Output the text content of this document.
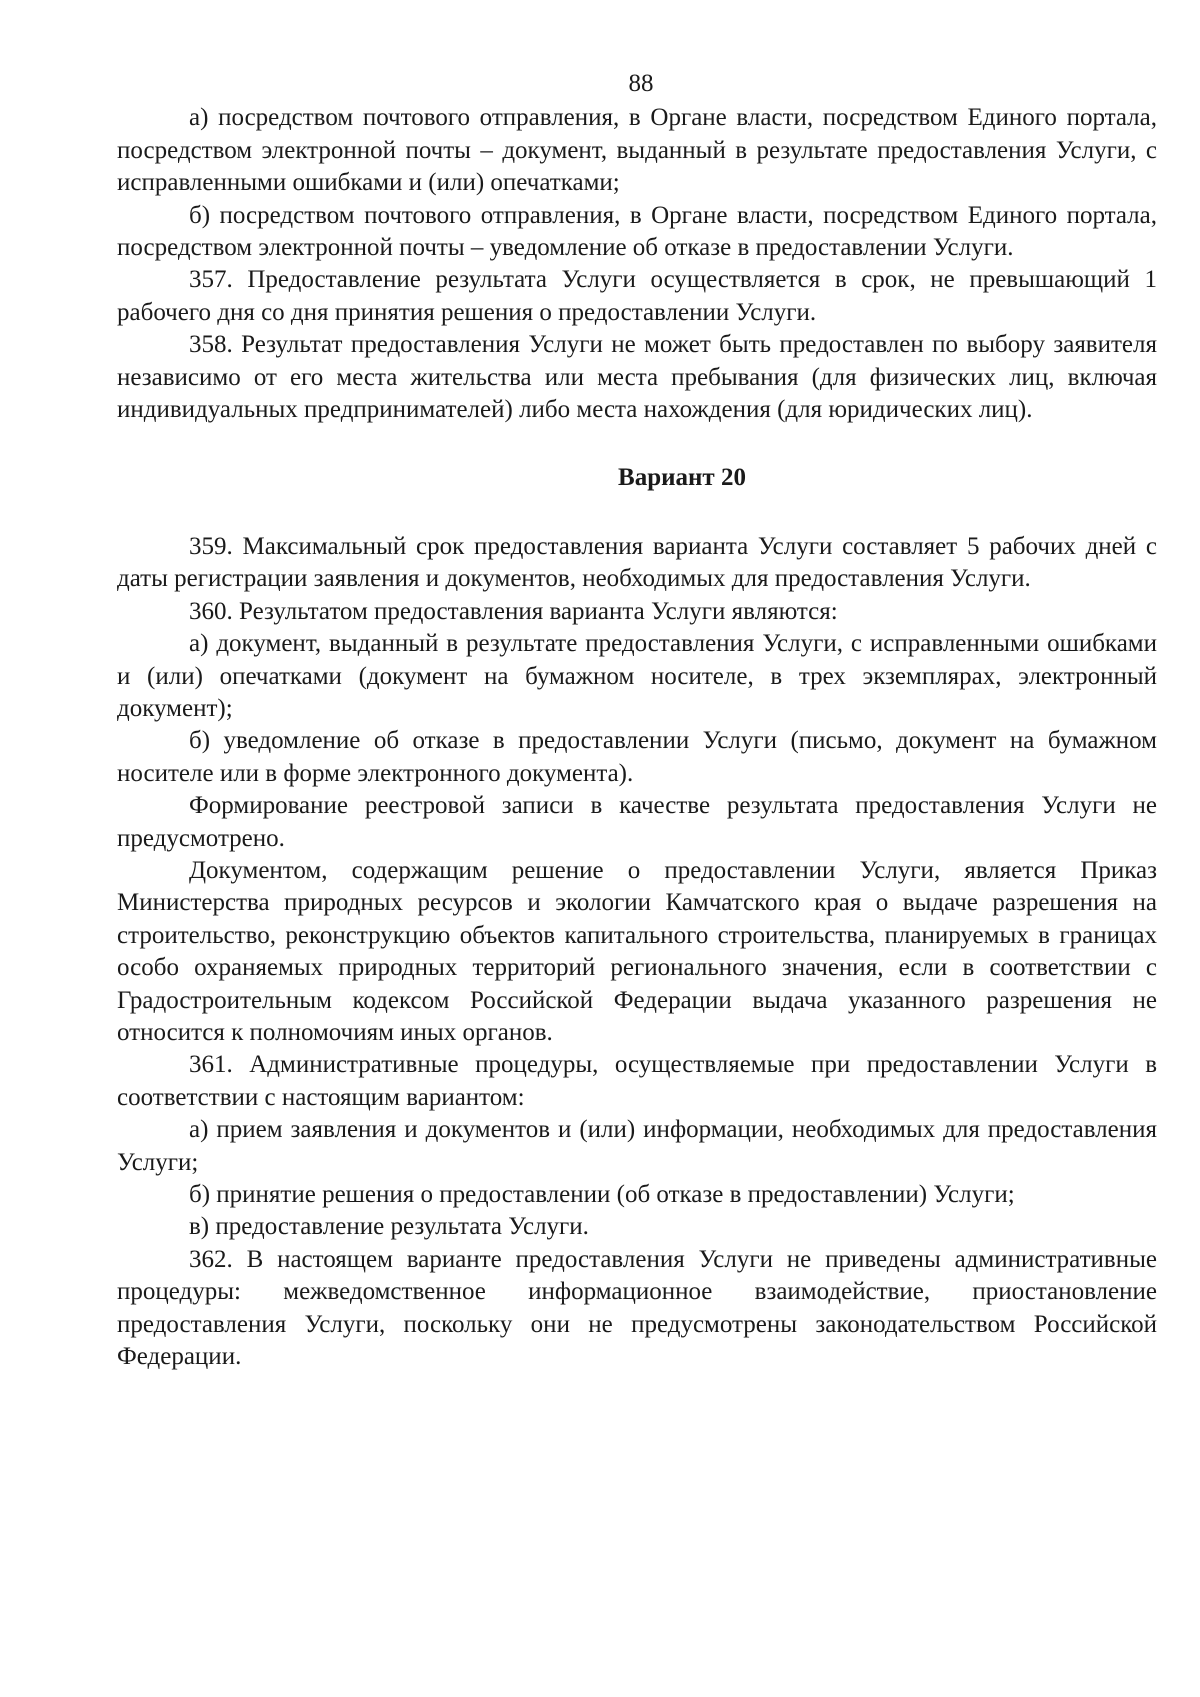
88

а) посредством почтового отправления, в Органе власти, посредством Единого портала, посредством электронной почты – документ, выданный в результате предоставления Услуги, с исправленными ошибками и (или) опечатками;

б) посредством почтового отправления, в Органе власти, посредством Единого портала, посредством электронной почты – уведомление об отказе в предоставлении Услуги.

357. Предоставление результата Услуги осуществляется в срок, не превышающий 1 рабочего дня со дня принятия решения о предоставлении Услуги.

358. Результат предоставления Услуги не может быть предоставлен по выбору заявителя независимо от его места жительства или места пребывания (для физических лиц, включая индивидуальных предпринимателей) либо места нахождения (для юридических лиц).

Вариант 20

359. Максимальный срок предоставления варианта Услуги составляет 5 рабочих дней с даты регистрации заявления и документов, необходимых для предоставления Услуги.

360. Результатом предоставления варианта Услуги являются:

а) документ, выданный в результате предоставления Услуги, с исправленными ошибками и (или) опечатками (документ на бумажном носителе, в трех экземплярах, электронный документ);

б) уведомление об отказе в предоставлении Услуги (письмо, документ на бумажном носителе или в форме электронного документа).

Формирование реестровой записи в качестве результата предоставления Услуги не предусмотрено.

Документом, содержащим решение о предоставлении Услуги, является Приказ Министерства природных ресурсов и экологии Камчатского края о выдаче разрешения на строительство, реконструкцию объектов капитального строительства, планируемых в границах особо охраняемых природных территорий регионального значения, если в соответствии с Градостроительным кодексом Российской Федерации выдача указанного разрешения не относится к полномочиям иных органов.

361. Административные процедуры, осуществляемые при предоставлении Услуги в соответствии с настоящим вариантом:

а) прием заявления и документов и (или) информации, необходимых для предоставления Услуги;

б) принятие решения о предоставлении (об отказе в предоставлении) Услуги;

в) предоставление результата Услуги.

362. В настоящем варианте предоставления Услуги не приведены административные процедуры: межведомственное информационное взаимодействие, приостановление предоставления Услуги, поскольку они не предусмотрены законодательством Российской Федерации.
